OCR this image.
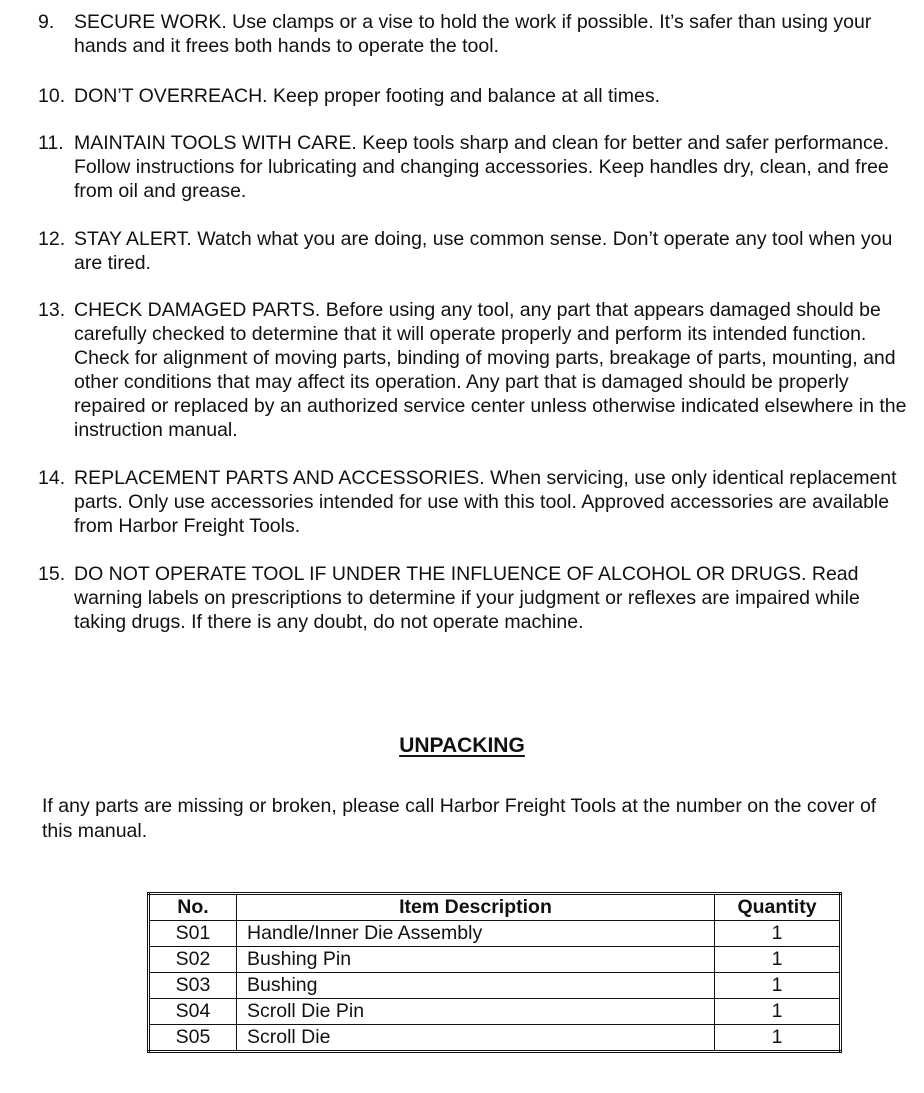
9. SECURE WORK. Use clamps or a vise to hold the work if possible. It’s safer than using your hands and it frees both hands to operate the tool.
10. DON’T OVERREACH. Keep proper footing and balance at all times.
11. MAINTAIN TOOLS WITH CARE. Keep tools sharp and clean for better and safer performance. Follow instructions for lubricating and changing accessories. Keep handles dry, clean, and free from oil and grease.
12. STAY ALERT. Watch what you are doing, use common sense. Don’t operate any tool when you are tired.
13. CHECK DAMAGED PARTS. Before using any tool, any part that appears damaged should be carefully checked to determine that it will operate properly and perform its intended function. Check for alignment of moving parts, binding of moving parts, breakage of parts, mounting, and other conditions that may affect its operation. Any part that is damaged should be properly repaired or replaced by an authorized service center unless otherwise indicated elsewhere in the instruction manual.
14. REPLACEMENT PARTS AND ACCESSORIES. When servicing, use only identical replacement parts. Only use accessories intended for use with this tool. Approved accessories are available from Harbor Freight Tools.
15. DO NOT OPERATE TOOL IF UNDER THE INFLUENCE OF ALCOHOL OR DRUGS. Read warning labels on prescriptions to determine if your judgment or reflexes are impaired while taking drugs. If there is any doubt, do not operate machine.
UNPACKING
If any parts are missing or broken, please call Harbor Freight Tools at the number on the cover of this manual.
No.	Item Description	Quantity
S01	Handle/Inner Die Assembly	1
S02	Bushing Pin	1
S03	Bushing	1
S04	Scroll Die Pin	1
S05	Scroll Die	1
